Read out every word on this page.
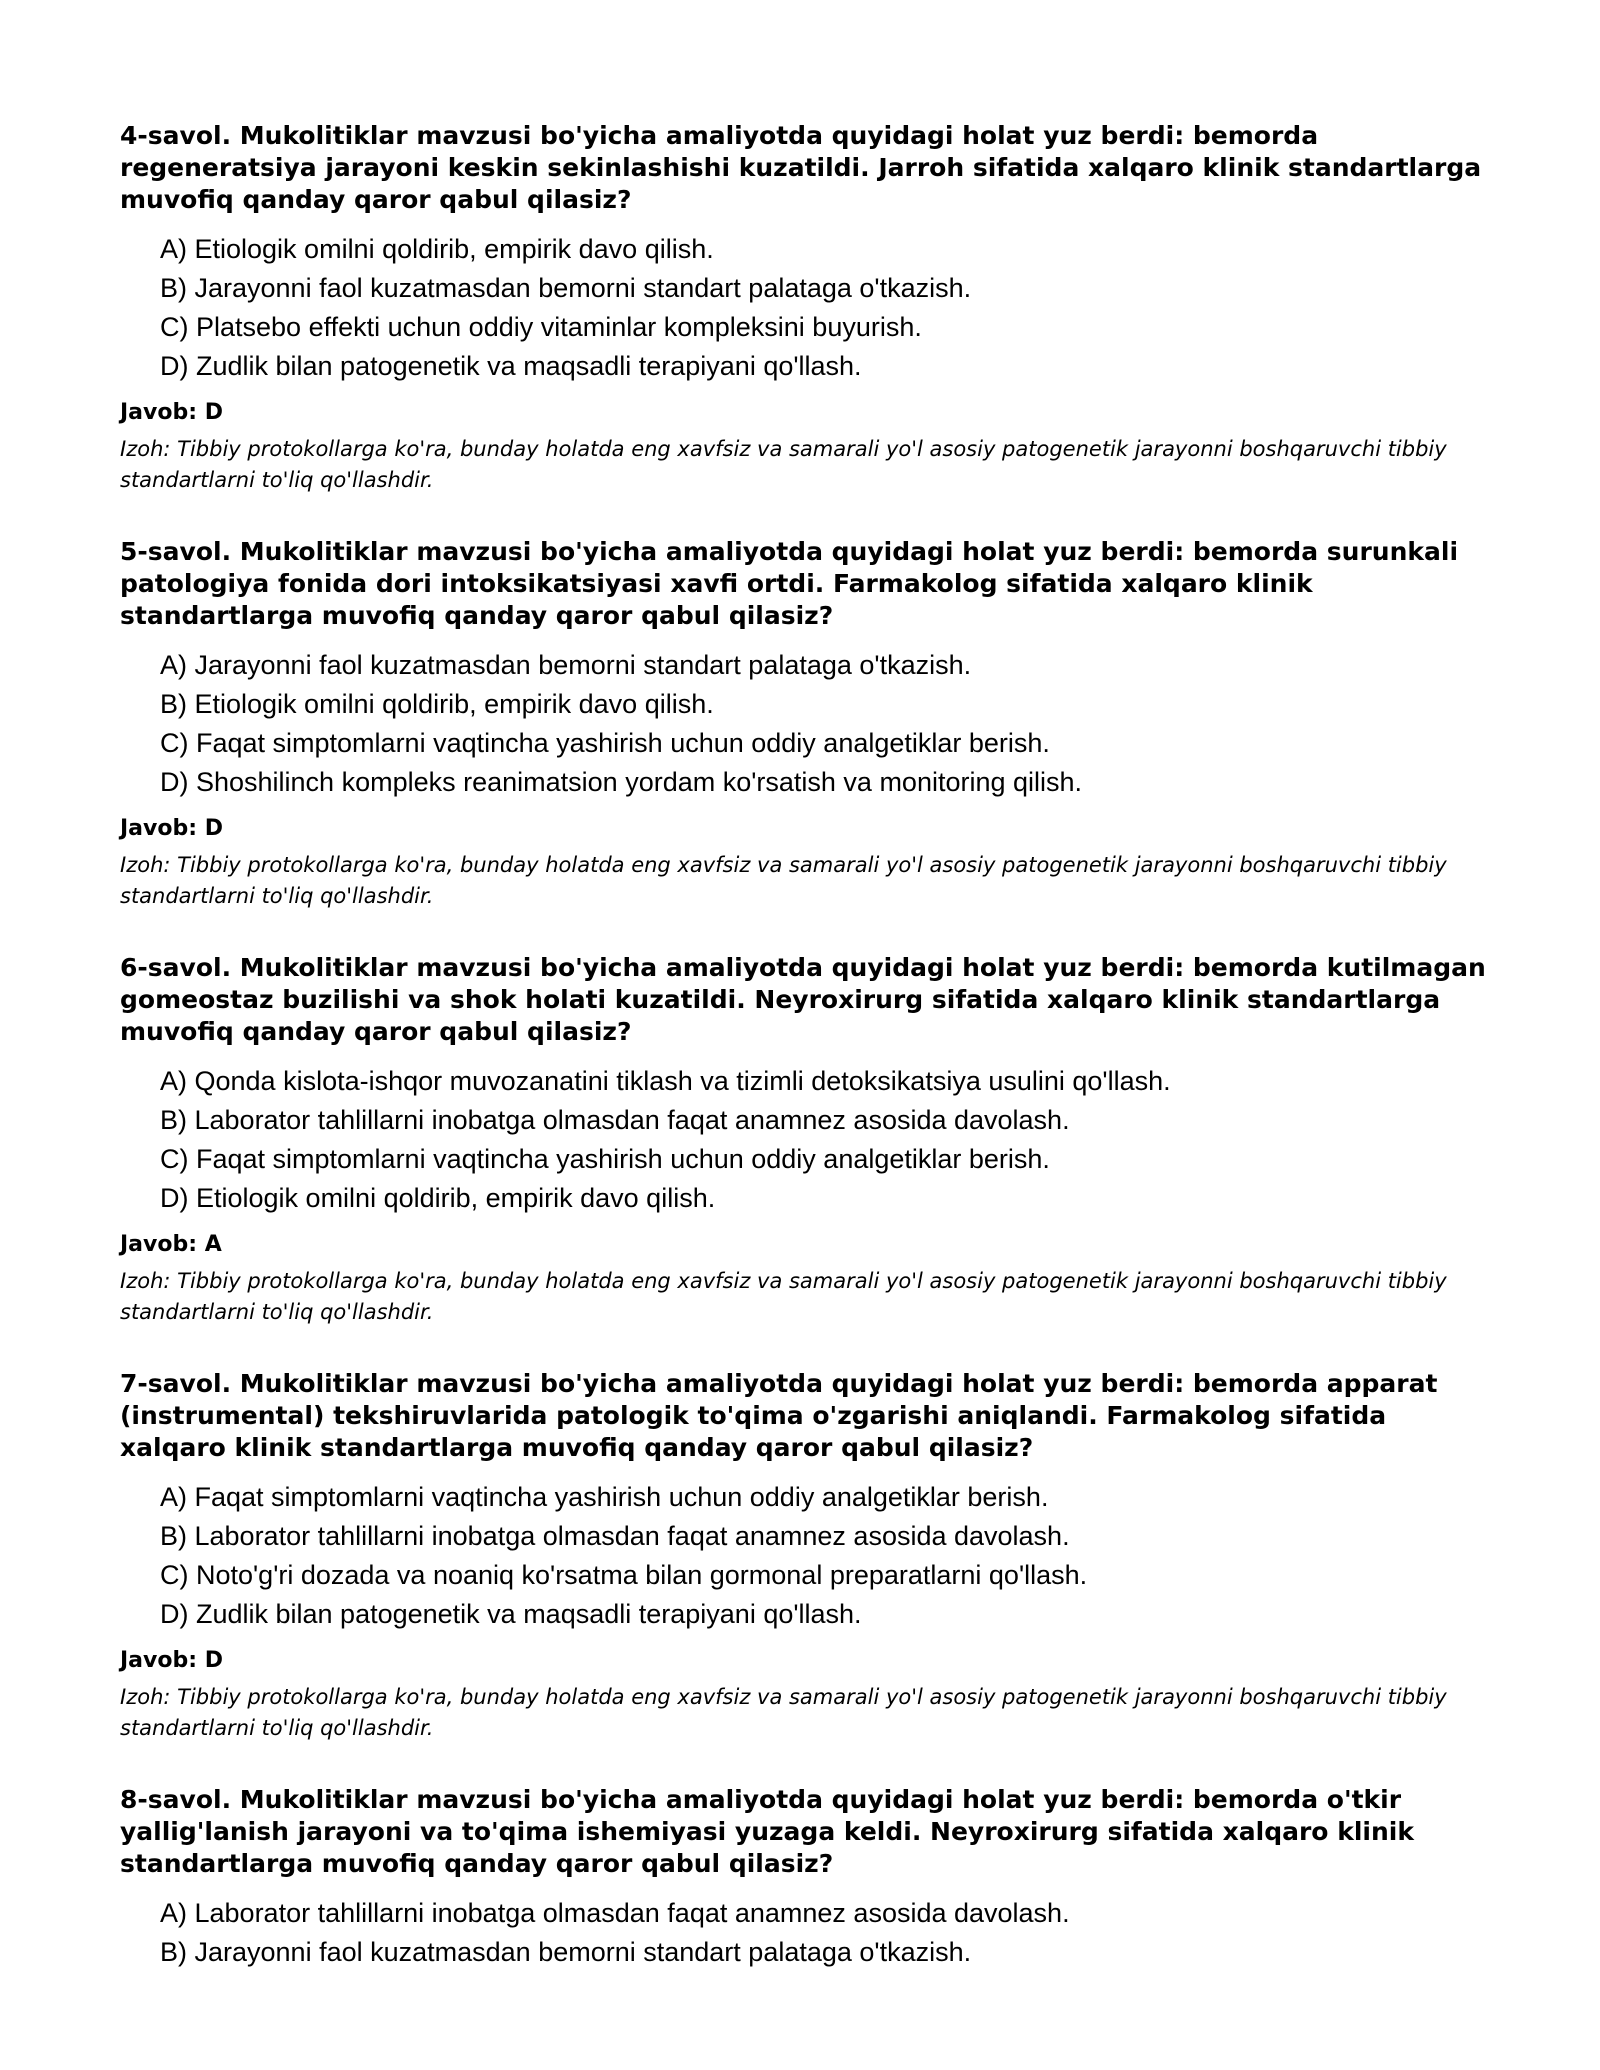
4-savol. Mukolitiklar mavzusi bo'yicha amaliyotda quyidagi holat yuz berdi: bemorda regeneratsiya jarayoni keskin sekinlashishi kuzatildi. Jarroh sifatida xalqaro klinik standartlarga muvofiq qanday qaror qabul qilasiz?

A) Etiologik omilni qoldirib, empirik davo qilish.
B) Jarayonni faol kuzatmasdan bemorni standart palataga o'tkazish.
C) Platsebo effekti uchun oddiy vitaminlar kompleksini buyurish.
D) Zudlik bilan patogenetik va maqsadli terapiyani qo'llash.

Javob: D

Izoh: Tibbiy protokollarga ko'ra, bunday holatda eng xavfsiz va samarali yo'l asosiy patogenetik jarayonni boshqaruvchi tibbiy standartlarni to'liq qo'llashdir.

5-savol. Mukolitiklar mavzusi bo'yicha amaliyotda quyidagi holat yuz berdi: bemorda surunkali patologiya fonida dori intoksikatsiyasi xavfi ortdi. Farmakolog sifatida xalqaro klinik standartlarga muvofiq qanday qaror qabul qilasiz?

A) Jarayonni faol kuzatmasdan bemorni standart palataga o'tkazish.
B) Etiologik omilni qoldirib, empirik davo qilish.
C) Faqat simptomlarni vaqtincha yashirish uchun oddiy analgetiklar berish.
D) Shoshilinch kompleks reanimatsion yordam ko'rsatish va monitoring qilish.

Javob: D

Izoh: Tibbiy protokollarga ko'ra, bunday holatda eng xavfsiz va samarali yo'l asosiy patogenetik jarayonni boshqaruvchi tibbiy standartlarni to'liq qo'llashdir.

6-savol. Mukolitiklar mavzusi bo'yicha amaliyotda quyidagi holat yuz berdi: bemorda kutilmagan gomeostaz buzilishi va shok holati kuzatildi. Neyroxirurg sifatida xalqaro klinik standartlarga muvofiq qanday qaror qabul qilasiz?

A) Qonda kislota-ishqor muvozanatini tiklash va tizimli detoksikatsiya usulini qo'llash.
B) Laborator tahlillarni inobatga olmasdan faqat anamnez asosida davolash.
C) Faqat simptomlarni vaqtincha yashirish uchun oddiy analgetiklar berish.
D) Etiologik omilni qoldirib, empirik davo qilish.

Javob: A

Izoh: Tibbiy protokollarga ko'ra, bunday holatda eng xavfsiz va samarali yo'l asosiy patogenetik jarayonni boshqaruvchi tibbiy standartlarni to'liq qo'llashdir.

7-savol. Mukolitiklar mavzusi bo'yicha amaliyotda quyidagi holat yuz berdi: bemorda apparat (instrumental) tekshiruvlarida patologik to'qima o'zgarishi aniqlandi. Farmakolog sifatida xalqaro klinik standartlarga muvofiq qanday qaror qabul qilasiz?

A) Faqat simptomlarni vaqtincha yashirish uchun oddiy analgetiklar berish.
B) Laborator tahlillarni inobatga olmasdan faqat anamnez asosida davolash.
C) Noto'g'ri dozada va noaniq ko'rsatma bilan gormonal preparatlarni qo'llash.
D) Zudlik bilan patogenetik va maqsadli terapiyani qo'llash.

Javob: D

Izoh: Tibbiy protokollarga ko'ra, bunday holatda eng xavfsiz va samarali yo'l asosiy patogenetik jarayonni boshqaruvchi tibbiy standartlarni to'liq qo'llashdir.

8-savol. Mukolitiklar mavzusi bo'yicha amaliyotda quyidagi holat yuz berdi: bemorda o'tkir yallig'lanish jarayoni va to'qima ishemiyasi yuzaga keldi. Neyroxirurg sifatida xalqaro klinik standartlarga muvofiq qanday qaror qabul qilasiz?

A) Laborator tahlillarni inobatga olmasdan faqat anamnez asosida davolash.
B) Jarayonni faol kuzatmasdan bemorni standart palataga o'tkazish.
